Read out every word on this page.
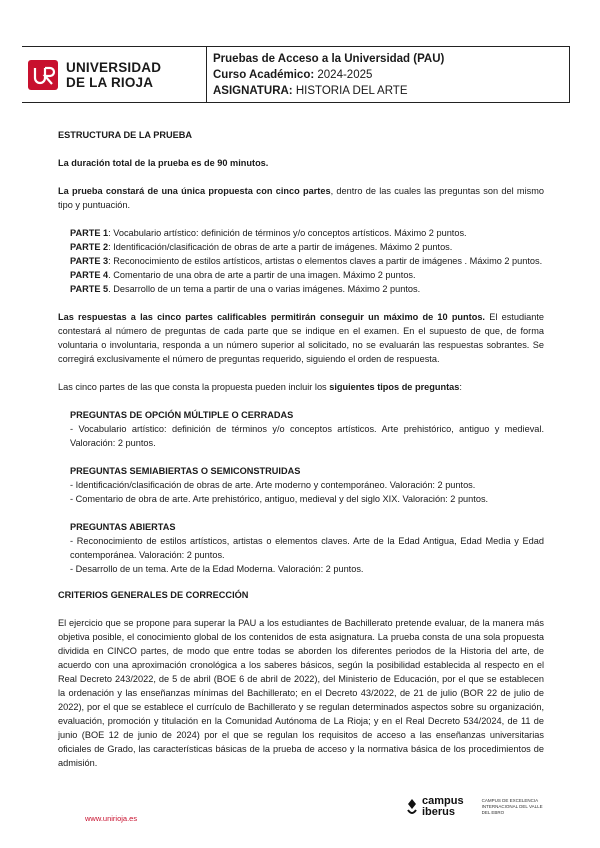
UNIVERSIDAD
DE LA RIOJA
Pruebas de Acceso a la Universidad (PAU)
Curso Académico: 2024-2025
ASIGNATURA: HISTORIA DEL ARTE

ESTRUCTURA DE LA PRUEBA

La duración total de la prueba es de 90 minutos.

La prueba constará de una única propuesta con cinco partes, dentro de las cuales las preguntas son del mismo tipo y puntuación.

PARTE 1: Vocabulario artístico: definición de términos y/o conceptos artísticos. Máximo 2 puntos.

PARTE 2: Identificación/clasificación de obras de arte a partir de imágenes. Máximo 2 puntos.

PARTE 3: Reconocimiento de estilos artísticos, artistas o elementos claves a partir de imágenes . Máximo 2 puntos.

PARTE 4. Comentario de una obra de arte a partir de una imagen. Máximo 2 puntos.

PARTE 5. Desarrollo de un tema a partir de una o varias imágenes. Máximo 2 puntos.

Las respuestas a las cinco partes calificables permitirán conseguir un máximo de 10 puntos. El estudiante contestará al número de preguntas de cada parte que se indique en el examen. En el supuesto de que, de forma voluntaria o involuntaria, responda a un número superior al solicitado, no se evaluarán las respuestas sobrantes. Se corregirá exclusivamente el número de preguntas requerido, siguiendo el orden de respuesta.

Las cinco partes de las que consta la propuesta pueden incluir los siguientes tipos de preguntas:

PREGUNTAS DE OPCIÓN MÚLTIPLE O CERRADAS

- Vocabulario artístico: definición de términos y/o conceptos artísticos. Arte prehistórico, antiguo y medieval. Valoración: 2 puntos.

PREGUNTAS SEMIABIERTAS O SEMICONSTRUIDAS

- Identificación/clasificación de obras de arte. Arte moderno y contemporáneo. Valoración: 2 puntos.

- Comentario de obra de arte. Arte prehistórico, antiguo, medieval y del siglo XIX. Valoración: 2 puntos.

PREGUNTAS ABIERTAS

- Reconocimiento de estilos artísticos, artistas o elementos claves. Arte de la Edad Antigua, Edad Media y Edad contemporánea. Valoración: 2 puntos.

- Desarrollo de un tema. Arte de la Edad Moderna. Valoración: 2 puntos.

CRITERIOS GENERALES DE CORRECCIÓN

El ejercicio que se propone para superar la PAU a los estudiantes de Bachillerato pretende evaluar, de la manera más objetiva posible, el conocimiento global de los contenidos de esta asignatura. La prueba consta de una sola propuesta dividida en CINCO partes, de modo que entre todas se aborden los diferentes periodos de la Historia del arte, de acuerdo con una aproximación cronológica a los saberes básicos, según la posibilidad establecida al respecto en el Real Decreto 243/2022, de 5 de abril (BOE 6 de abril de 2022), del Ministerio de Educación, por el que se establecen la ordenación y las enseñanzas mínimas del Bachillerato; en el Decreto 43/2022, de 21 de julio (BOR 22 de julio de 2022), por el que se establece el currículo de Bachillerato y se regulan determinados aspectos sobre su organización, evaluación, promoción y titulación en la Comunidad Autónoma de La Rioja; y en el Real Decreto 534/2024, de 11 de junio (BOE 12 de junio de 2024) por el que se regulan los requisitos de acceso a las enseñanzas universitarias oficiales de Grado, las características básicas de la prueba de acceso y la normativa básica de los procedimientos de admisión.

www.unirioja.es
campus
iberus
CAMPUS DE EXCELENCIA INTERNACIONAL DEL VALLE DEL EBRO
